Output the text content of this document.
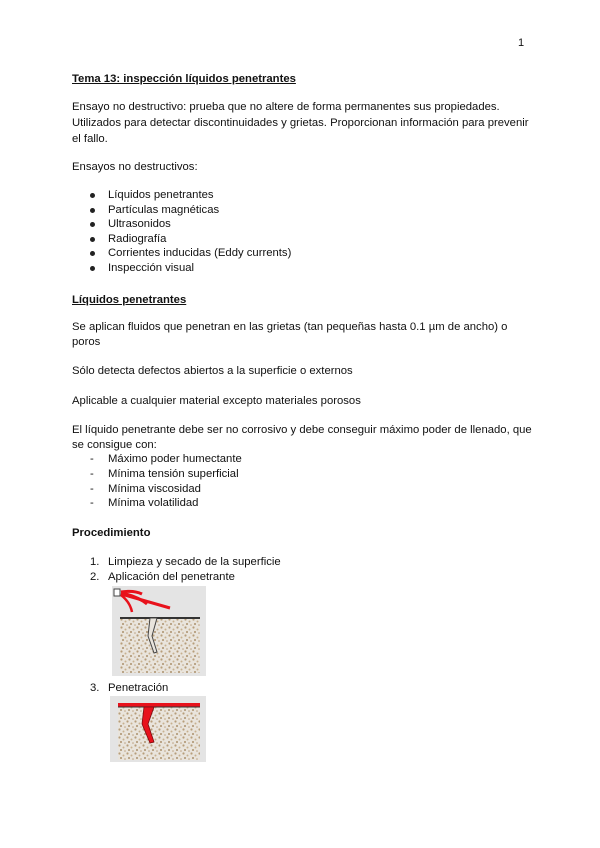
1
Tema 13: inspección líquidos penetrantes
Ensayo no destructivo: prueba que no altere de forma permanentes sus propiedades.
Utilizados para detectar discontinuidades y grietas. Proporcionan información para prevenir
el fallo.
Ensayos no destructivos:
Líquidos penetrantes
Partículas magnéticas
Ultrasonidos
Radiografía
Corrientes inducidas (Eddy currents)
Inspección visual
Líquidos penetrantes
Se aplican fluidos que penetran en las grietas (tan pequeñas hasta 0.1 µm de ancho) o
poros
Sólo detecta defectos abiertos a la superficie o externos
Aplicable a cualquier material excepto materiales porosos
El líquido penetrante debe ser no corrosivo y debe conseguir máximo poder de llenado, que
se consigue con:
- Máximo poder humectante
- Mínima tensión superficial
- Mínima viscosidad
- Mínima volatilidad
Procedimiento
1. Limpieza y secado de la superficie
2. Aplicación del penetrante
3. Penetración
